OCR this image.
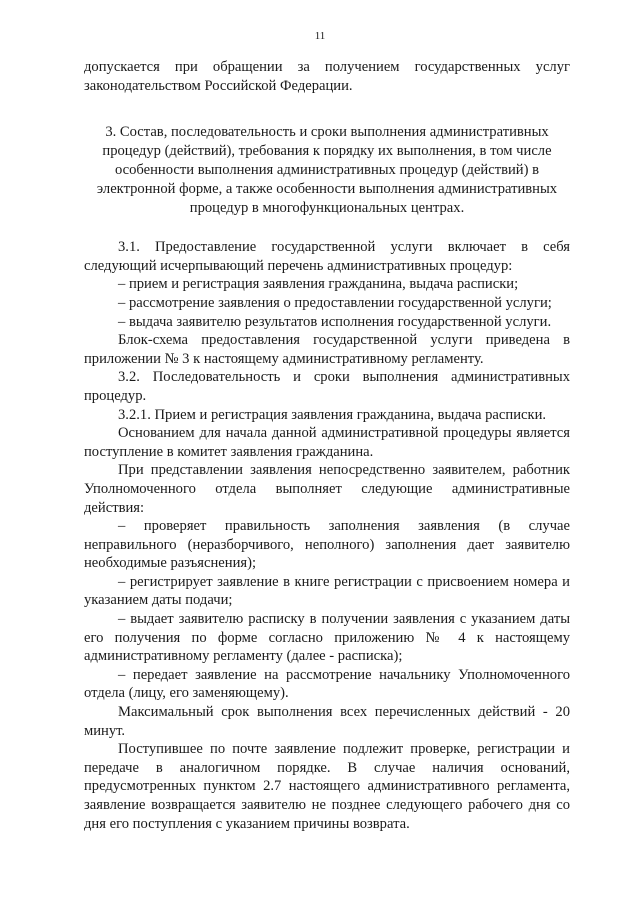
11

допускается при обращении за получением государственных услуг законодательством Российской Федерации.

3. Состав, последовательность и сроки выполнения административных процедур (действий), требования к порядку их выполнения, в том числе особенности выполнения административных процедур (действий) в электронной форме, а также особенности выполнения административных процедур в многофункциональных центрах.

3.1. Предоставление государственной услуги включает в себя следующий исчерпывающий перечень административных процедур:

– прием и регистрация заявления гражданина, выдача расписки;

– рассмотрение заявления о предоставлении государственной услуги;

– выдача заявителю результатов исполнения государственной услуги.

Блок-схема предоставления государственной услуги приведена в приложении № 3 к настоящему административному регламенту.

3.2. Последовательность и сроки выполнения административных процедур.

3.2.1. Прием и регистрация заявления гражданина, выдача расписки.

Основанием для начала данной административной процедуры является поступление в комитет заявления гражданина.

При представлении заявления непосредственно заявителем, работник Уполномоченного отдела выполняет следующие административные действия:

– проверяет правильность заполнения заявления (в случае неправильного (неразборчивого, неполного) заполнения дает заявителю необходимые разъяснения);

– регистрирует заявление в книге регистрации с присвоением номера и указанием даты подачи;

– выдает заявителю расписку в получении заявления с указанием даты его получения по форме согласно приложению № 4 к настоящему административному регламенту (далее - расписка);

– передает заявление на рассмотрение начальнику Уполномоченного отдела (лицу, его заменяющему).

Максимальный срок выполнения всех перечисленных действий - 20 минут.

Поступившее по почте заявление подлежит проверке, регистрации и передаче в аналогичном порядке. В случае наличия оснований, предусмотренных пунктом 2.7 настоящего административного регламента, заявление возвращается заявителю не позднее следующего рабочего дня со дня его поступления с указанием причины возврата.
